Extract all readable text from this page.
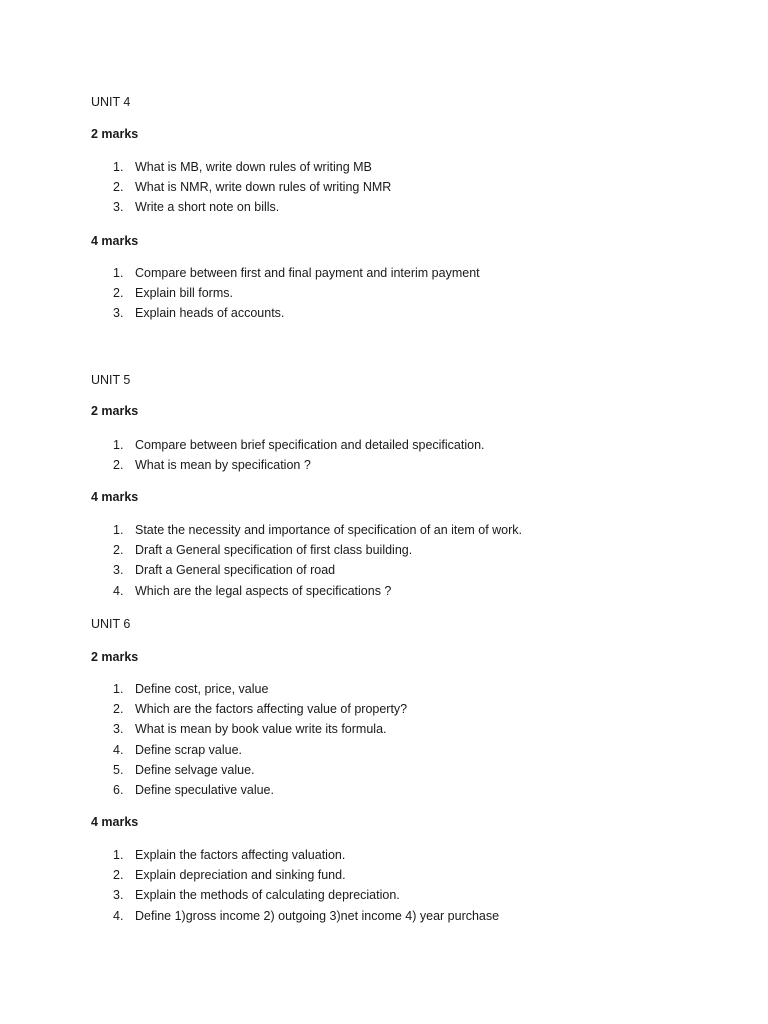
UNIT 4
2 marks
1. What is MB, write down rules of writing MB
2. What is NMR, write down rules of writing NMR
3. Write a short note on bills.
4 marks
1. Compare between first and final payment and interim payment
2. Explain bill forms.
3. Explain heads of accounts.
UNIT 5
2 marks
1. Compare between brief specification and detailed specification.
2. What is mean by specification ?
4 marks
1. State the necessity and importance of specification of an item of work.
2. Draft a General specification of first class building.
3. Draft a General specification of road
4. Which are the legal aspects of specifications ?
UNIT 6
2 marks
1. Define cost, price, value
2. Which are the factors affecting value of property?
3. What is mean by book value write its formula.
4. Define scrap value.
5. Define selvage value.
6. Define speculative value.
4 marks
1. Explain the factors affecting valuation.
2. Explain depreciation and sinking fund.
3. Explain the methods of calculating depreciation.
4. Define 1)gross income 2) outgoing 3)net income 4) year purchase
